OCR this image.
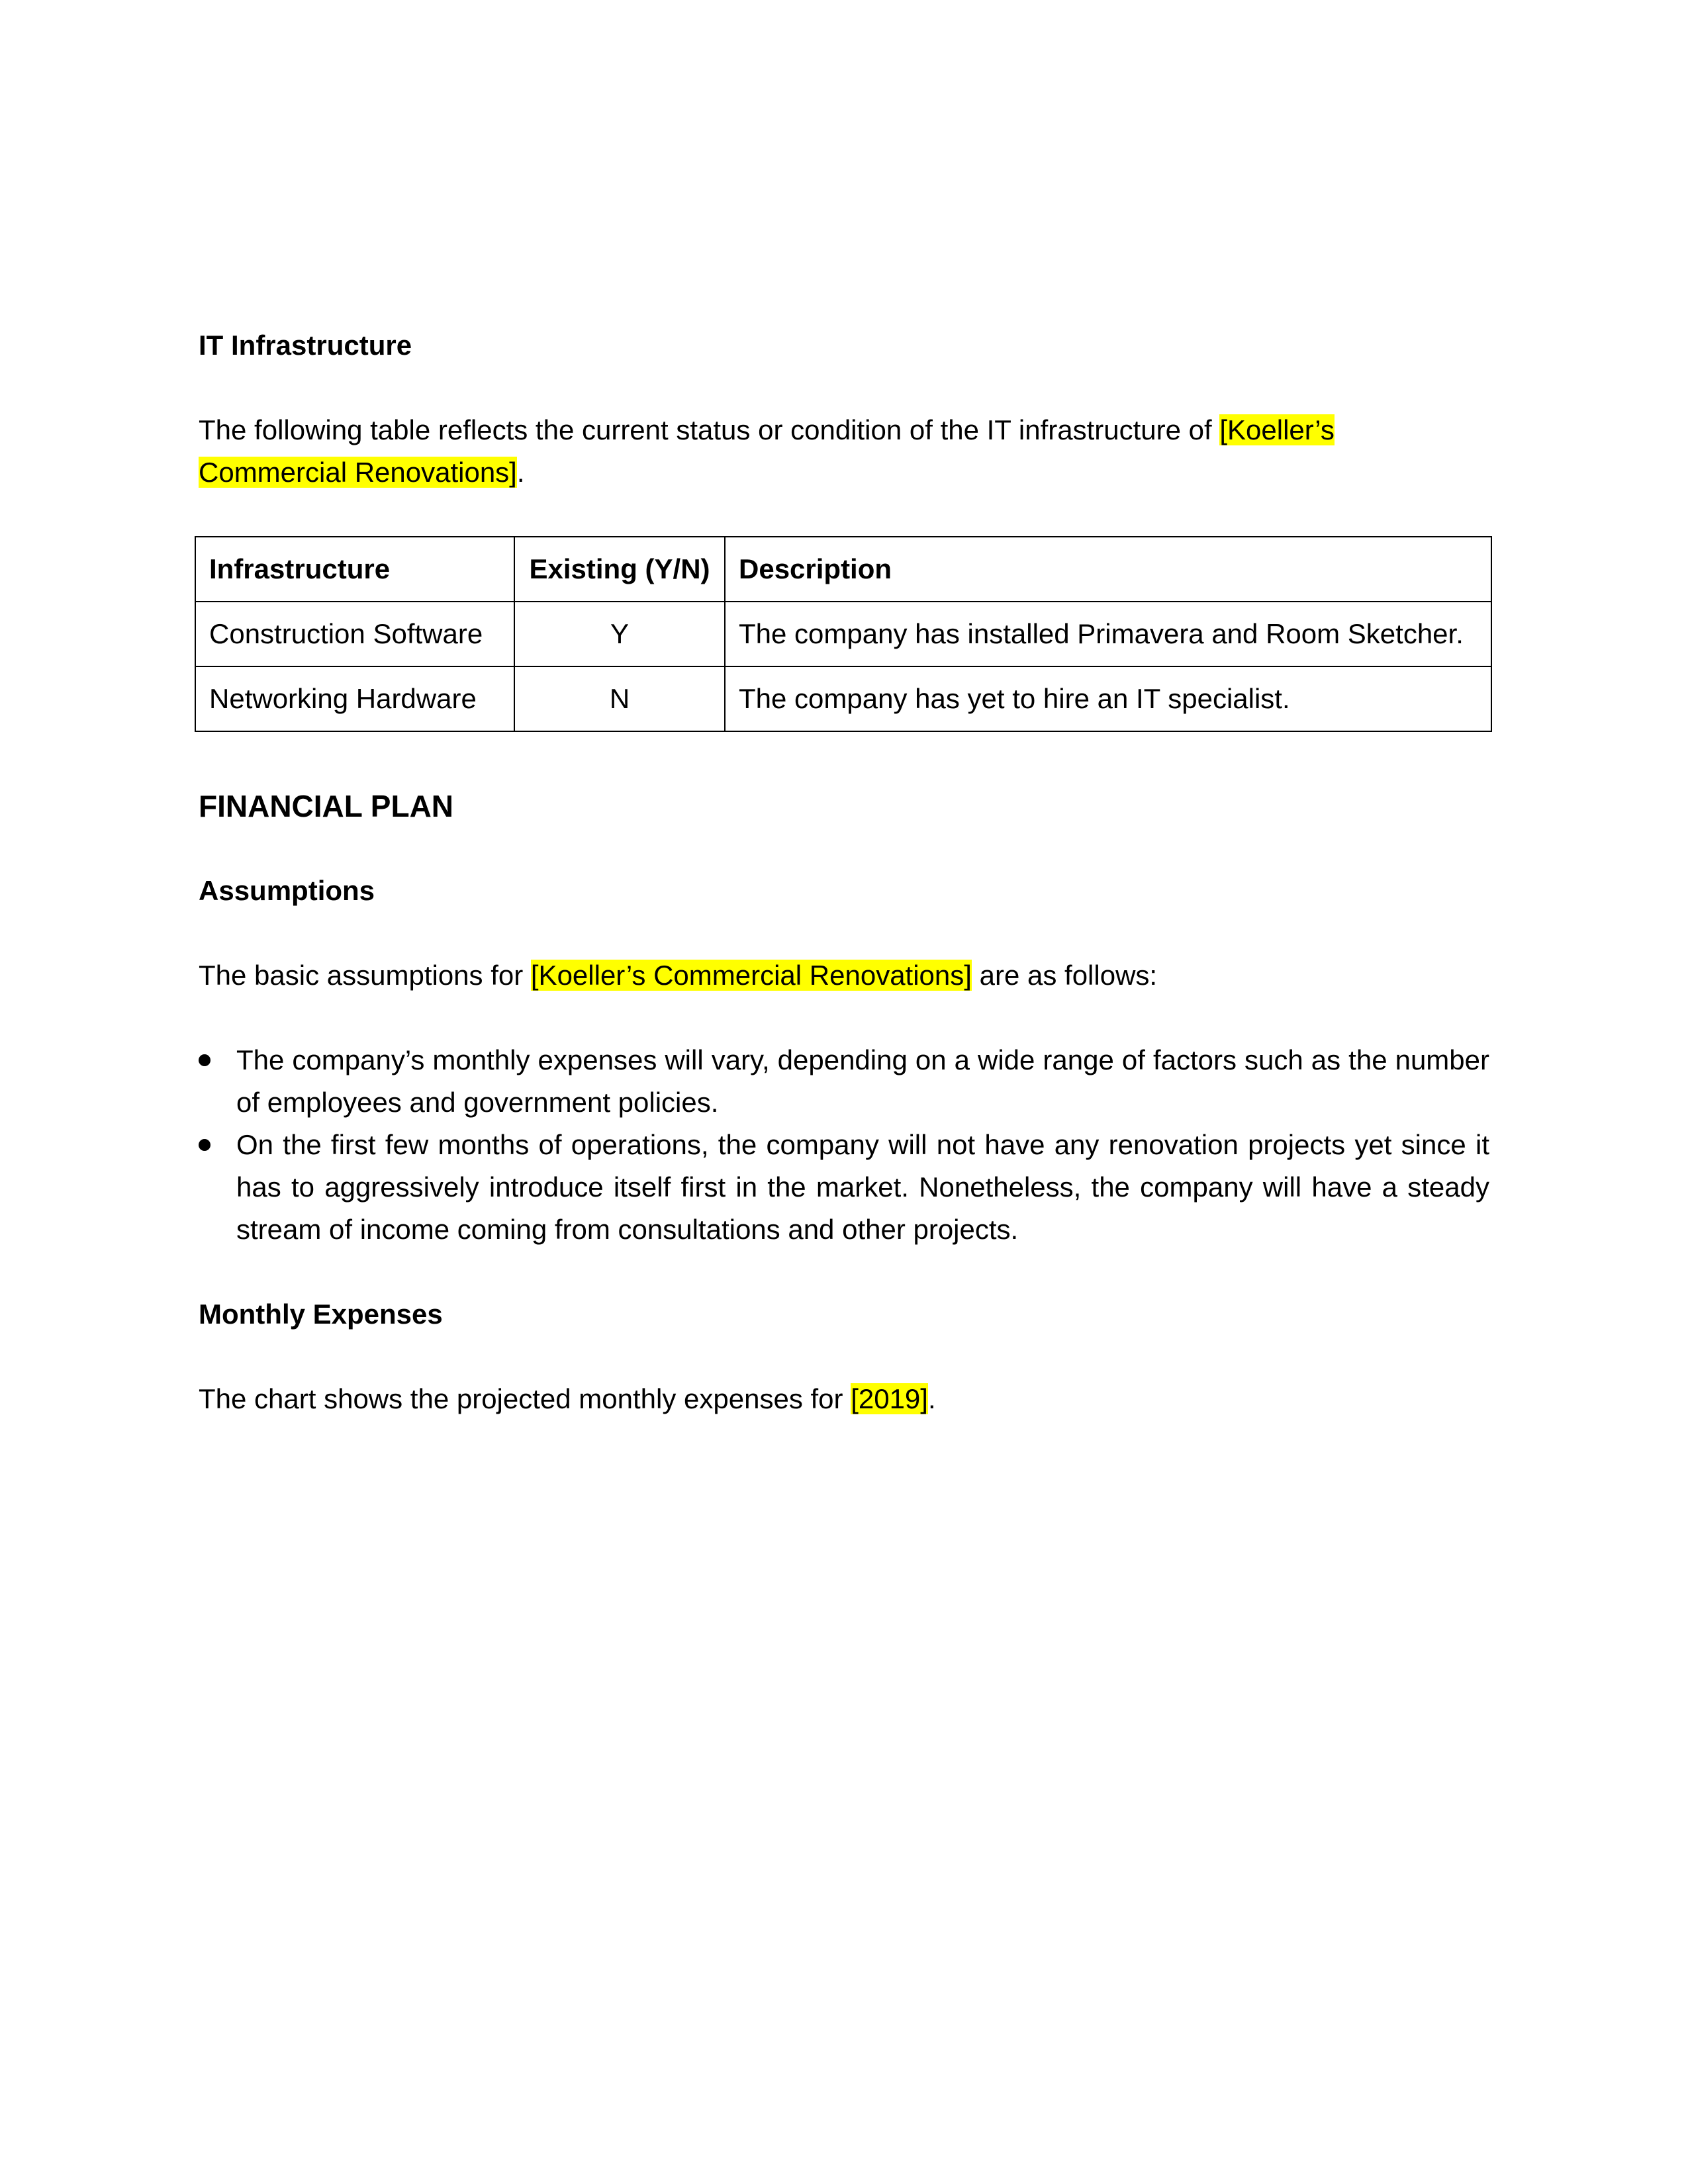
IT Infrastructure

The following table reflects the current status or condition of the IT infrastructure of [Koeller’s Commercial Renovations].

Infrastructure	Existing (Y/N)	Description
Construction Software	Y	The company has installed Primavera and Room Sketcher.
Networking Hardware	N	The company has yet to hire an IT specialist.
FINANCIAL PLAN
Assumptions

The basic assumptions for [Koeller’s Commercial Renovations] are as follows:

The company’s monthly expenses will vary, depending on a wide range of factors such as the number of employees and government policies.
On the first few months of operations, the company will not have any renovation projects yet since it has to aggressively introduce itself first in the market. Nonetheless, the company will have a steady stream of income coming from consultations and other projects.
Monthly Expenses

The chart shows the projected monthly expenses for [2019].
